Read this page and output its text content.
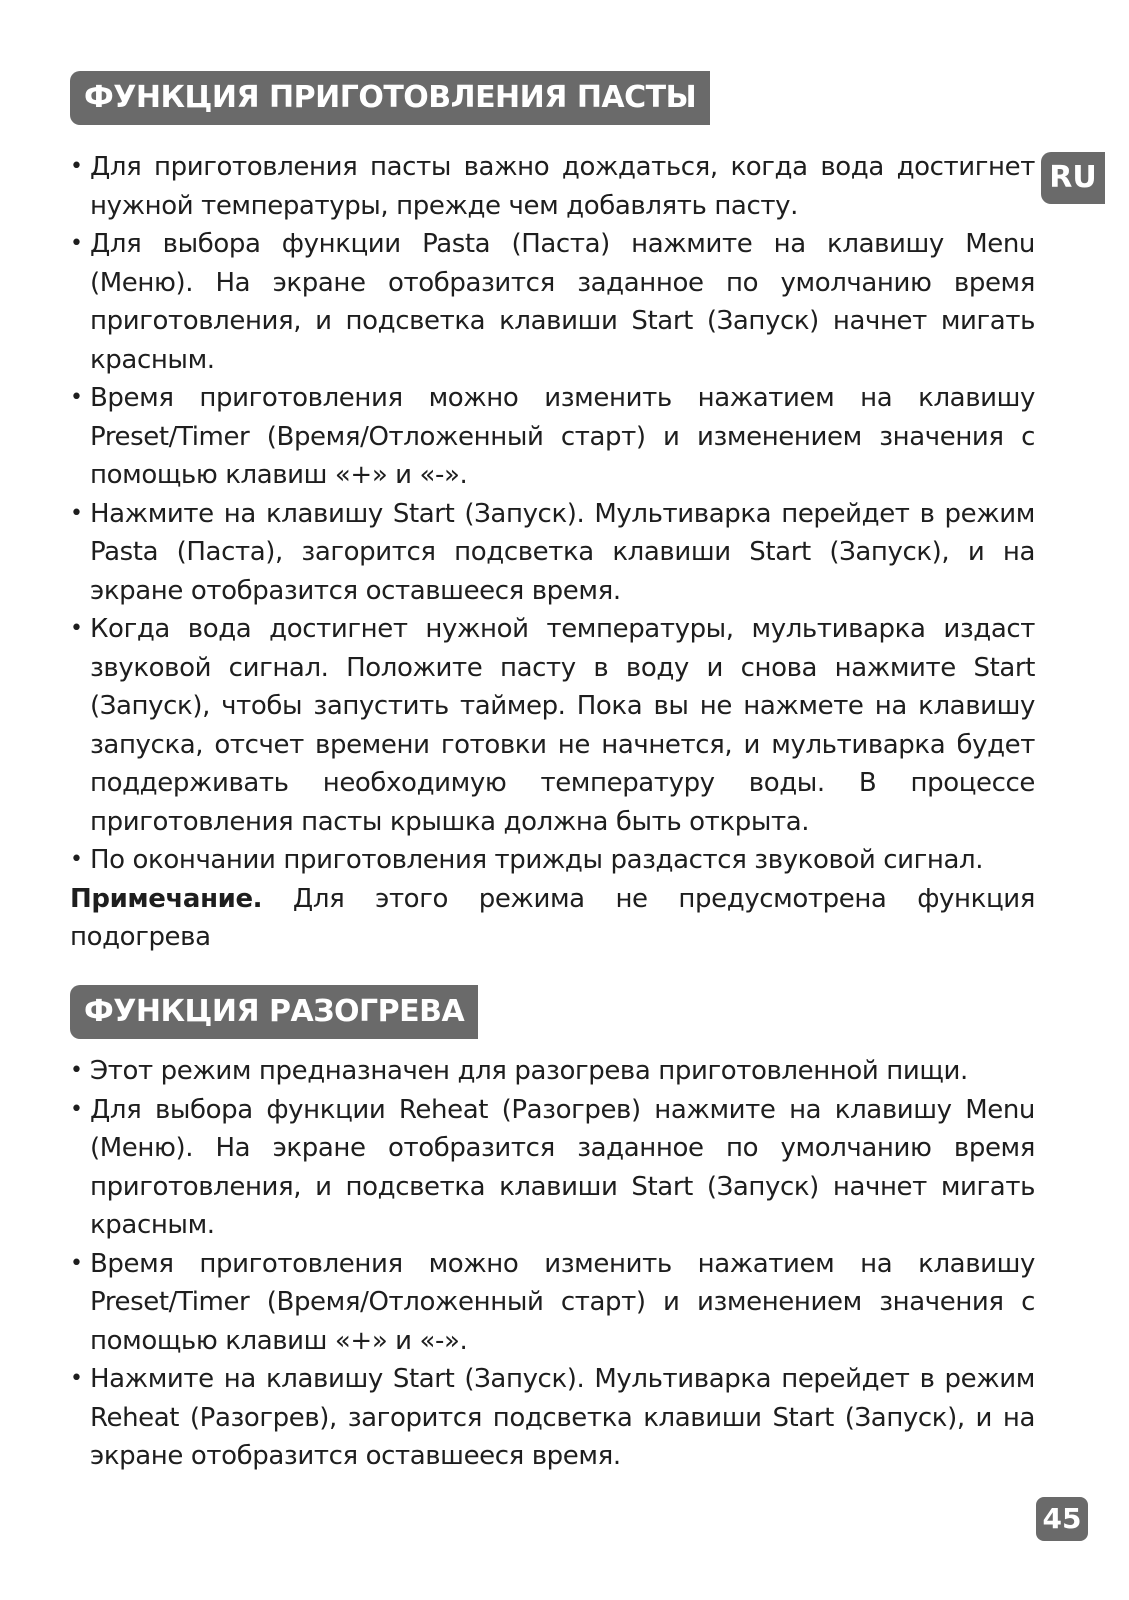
ФУНКЦИЯ ПРИГОТОВЛЕНИЯ ПАСТЫ
RU
• Для приготовления пасты важно дождаться, когда вода достигнет нужной температуры, прежде чем добавлять пасту.
• Для выбора функции Pasta (Паста) нажмите на клавишу Menu (Меню). На экране отобразится заданное по умолчанию время приготовления, и подсветка клавиши Start (Запуск) начнет мигать красным.
• Время приготовления можно изменить нажатием на клавишу Preset/Timer (Время/Отложенный старт) и изменением значения с помощью клавиш «+» и «-».
• Нажмите на клавишу Start (Запуск). Мультиварка перейдет в режим Pasta (Паста), загорится подсветка клавиши Start (Запуск), и на экране отобразится оставшееся время.
• Когда вода достигнет нужной температуры, мультиварка издаст звуковой сигнал. Положите пасту в воду и снова нажмите Start (Запуск), чтобы запустить таймер. Пока вы не нажмете на клавишу запуска, отсчет времени готовки не начнется, и мультиварка будет поддерживать необходимую температуру воды. В процессе приготовления пасты крышка должна быть открыта.
• По окончании приготовления трижды раздастся звуковой сигнал.

Примечание. Для этого режима не предусмотрена функция подогрева

ФУНКЦИЯ РАЗОГРЕВА
• Этот режим предназначен для разогрева приготовленной пищи.
• Для выбора функции Reheat (Разогрев) нажмите на клавишу Menu (Меню). На экране отобразится заданное по умолчанию время приготовления, и подсветка клавиши Start (Запуск) начнет мигать красным.
• Время приготовления можно изменить нажатием на клавишу Preset/Timer (Время/Отложенный старт) и изменением значения с помощью клавиш «+» и «-».
• Нажмите на клавишу Start (Запуск). Мультиварка перейдет в режим Reheat (Разогрев), загорится подсветка клавиши Start (Запуск), и на экране отобразится оставшееся время.
45
